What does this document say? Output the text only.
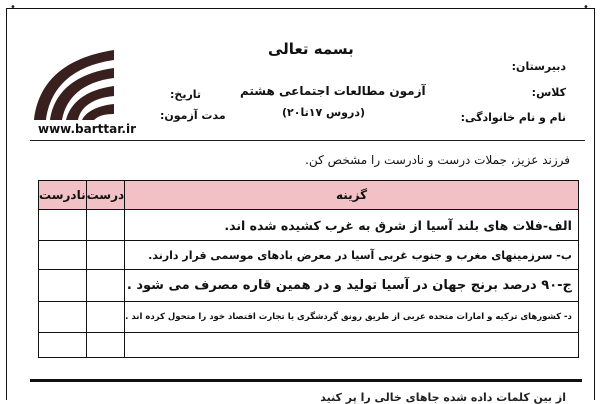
•	•
بسمه تعالی
دبیرستان:
کلاس:
نام و نام خانوادگی:
آزمون مطالعات اجتماعی هشتم
(دروس ۱۷تا۲۰)
تاریخ:
مدت آزمون:
www.barttar.ir
فرزند عزیز، جملات درست و نادرست را مشخص کن.
نادرست	درست	گزینه
		الف-فلات های بلند آسیا از شرق به غرب کشیده شده اند.
		ب- سرزمینهای مغرب و جنوب غربی آسیا در معرض بادهای موسمی قرار دارند.
		ج-۹۰ درصد برنج جهان در آسیا تولید و در همین قاره مصرف می شود .
		د- کشورهای ترکیه و امارات متحده عربی از طریق رونق گردشگری یا تجارت اقتصاد خود را متحول کرده اند .

از بین کلمات داده شده جاهای خالی را پر کنید
